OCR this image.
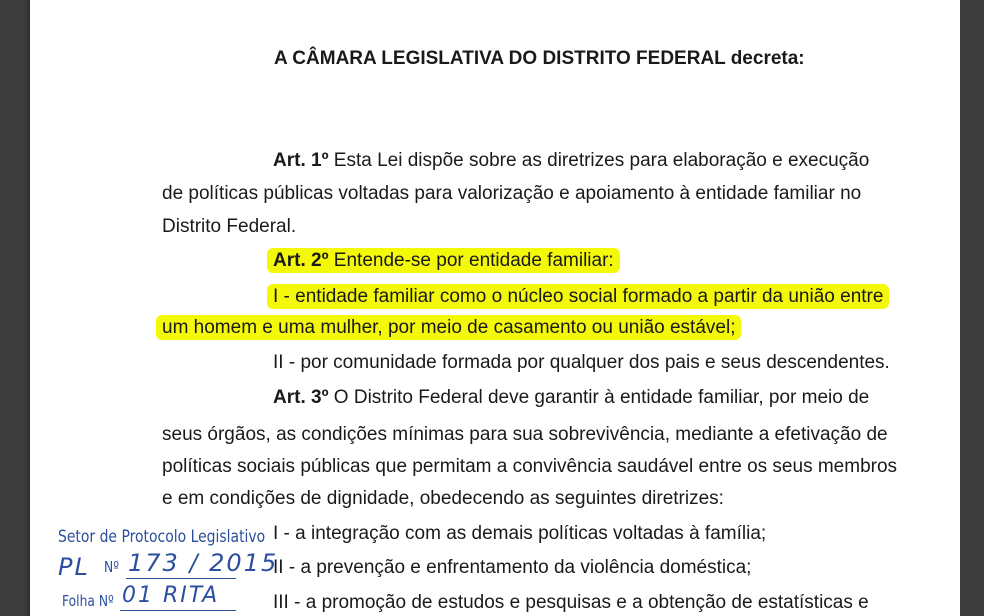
A CÂMARA LEGISLATIVA DO DISTRITO FEDERAL decreta:
Art. 1º Esta Lei dispõe sobre as diretrizes para elaboração e execução
de políticas públicas voltadas para valorização e apoiamento à entidade familiar no
Distrito Federal.
Art. 2º Entende-se por entidade familiar:
I - entidade familiar como o núcleo social formado a partir da união entre
um homem e uma mulher, por meio de casamento ou união estável;
II - por comunidade formada por qualquer dos pais e seus descendentes.
Art. 3º O Distrito Federal deve garantir à entidade familiar, por meio de
seus órgãos, as condições mínimas para sua sobrevivência, mediante a efetivação de
políticas sociais públicas que permitam a convivência saudável entre os seus membros
e em condições de dignidade, obedecendo as seguintes diretrizes:
I - a integração com as demais políticas voltadas à família;
II - a prevenção e enfrentamento da violência doméstica;
III - a promoção de estudos e pesquisas e a obtenção de estatísticas e
Setor de Protocolo Legislativo
PL Nº 173 / 2015
Folha Nº 01 RITA
